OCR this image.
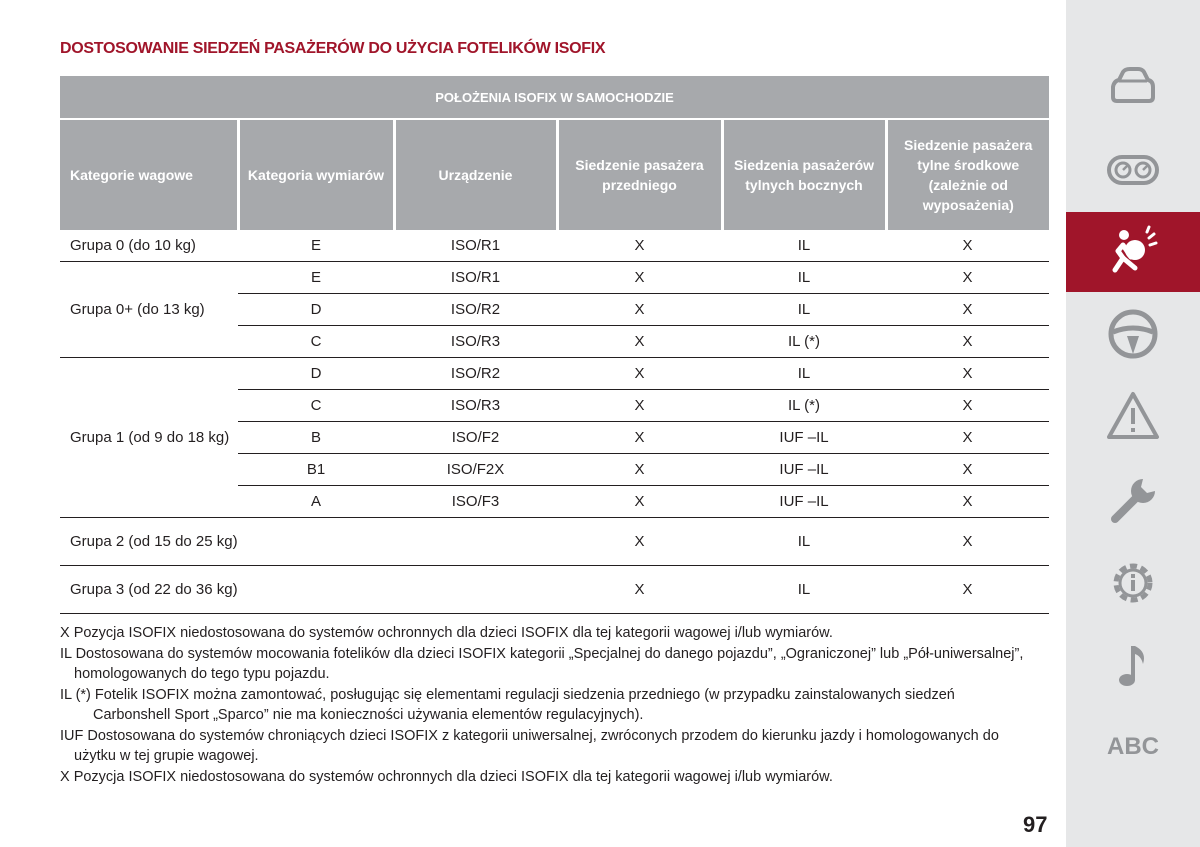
DOSTOSOWANIE SIEDZEŃ PASAŻERÓW DO UŻYCIA FOTELIKÓW ISOFIX
POŁOŻENIA ISOFIX W SAMOCHODZIE					
Kategorie wagowe	Kategoria wymiarów	Urządzenie	Siedzenie pasażera przedniego	Siedzenia pasażerów tylnych bocznych	Siedzenie pasażera tylne środkowe (zależnie od wyposażenia)
Grupa 0 (do 10 kg)	E	ISO/R1	X	IL	X
Grupa 0+ (do 13 kg)	E	ISO/R1	X	IL	X
	D	ISO/R2	X	IL	X
	C	ISO/R3	X	IL (*)	X
Grupa 1 (od 9 do 18 kg)	D	ISO/R2	X	IL	X
	C	ISO/R3	X	IL (*)	X
	B	ISO/F2	X	IUF –IL	X
	B1	ISO/F2X	X	IUF –IL	X
	A	ISO/F3	X	IUF –IL	X
Grupa 2 (od 15 do 25 kg)			X	IL	X
Grupa 3 (od 22 do 36 kg)			X	IL	X

X Pozycja ISOFIX niedostosowana do systemów ochronnych dla dzieci ISOFIX dla tej kategorii wagowej i/lub wymiarów.

IL Dostosowana do systemów mocowania fotelików dla dzieci ISOFIX kategorii „Specjalnej do danego pojazdu”, „Ograniczonej” lub „Pół-uniwersalnej”,

homologowanych do tego typu pojazdu.

IL (*) Fotelik ISOFIX można zamontować, posługując się elementami regulacji siedzenia przedniego (w przypadku zainstalowanych siedzeń

Carbonshell Sport „Sparco” nie ma konieczności używania elementów regulacyjnych).

IUF Dostosowana do systemów chroniących dzieci ISOFIX z kategorii uniwersalnej, zwróconych przodem do kierunku jazdy i homologowanych do

użytku w tej grupie wagowej.

X Pozycja ISOFIX niedostosowana do systemów ochronnych dla dzieci ISOFIX dla tej kategorii wagowej i/lub wymiarów.

97
ABC
